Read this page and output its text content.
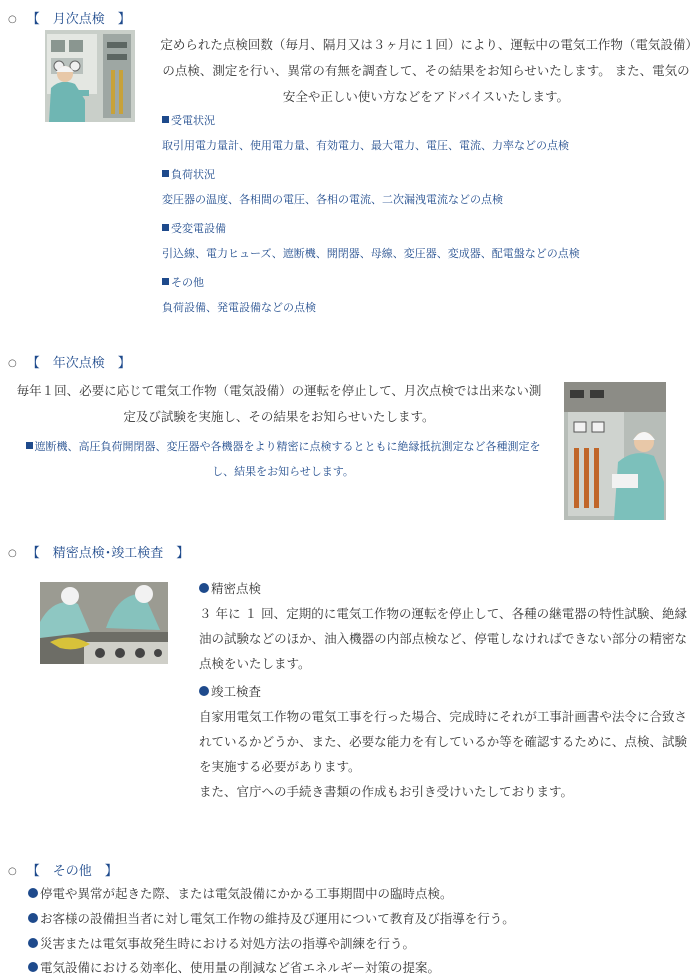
○ 【　月次点検　】
定められた点検回数（毎月、隔月又は３ヶ月に１回）により、運転中の電気工作物（電気設備）の点検、測定を行い、異常の有無を調査して、その結果をお知らせいたします。 また、電気の安全や正しい使い方などをアドバイスいたします。
受電状況
取引用電力量計、使用電力量、有効電力、最大電力、電圧、電流、力率などの点検
負荷状況
変圧器の温度、各相間の電圧、各相の電流、二次漏洩電流などの点検
受変電設備
引込線、電力ヒューズ、遮断機、開閉器、母線、変圧器、変成器、配電盤などの点検
その他
負荷設備、発電設備などの点検
○ 【　年次点検　】
毎年１回、必要に応じて電気工作物（電気設備）の運転を停止して、月次点検では出来ない測定及び試験を実施し、その結果をお知らせいたします。
遮断機、高圧負荷開閉器、変圧器や各機器をより精密に点検するとともに絶縁抵抗測定など各種測定をし、結果をお知らせします。
○ 【　精密点検･竣工検査　】
精密点検
３ 年に １ 回、定期的に電気工作物の運転を停止して、各種の継電器の特性試験、絶縁油の試験などのほか、油入機器の内部点検など、停電しなければできない部分の精密な点検をいたします。
竣工検査
自家用電気工作物の電気工事を行った場合、完成時にそれが工事計画書や法令に合致されているかどうか、また、必要な能力を有しているか等を確認するために、点検、試験を実施する必要があります。
また、官庁への手続き書類の作成もお引き受けいたしております。
○ 【　その他　】
停電や異常が起きた際、または電気設備にかかる工事期間中の臨時点検。
お客様の設備担当者に対し電気工作物の維持及び運用について教育及び指導を行う。
災害または電気事故発生時における対処方法の指導や訓練を行う。
電気設備における効率化、使用量の削減など省エネルギー対策の提案。
